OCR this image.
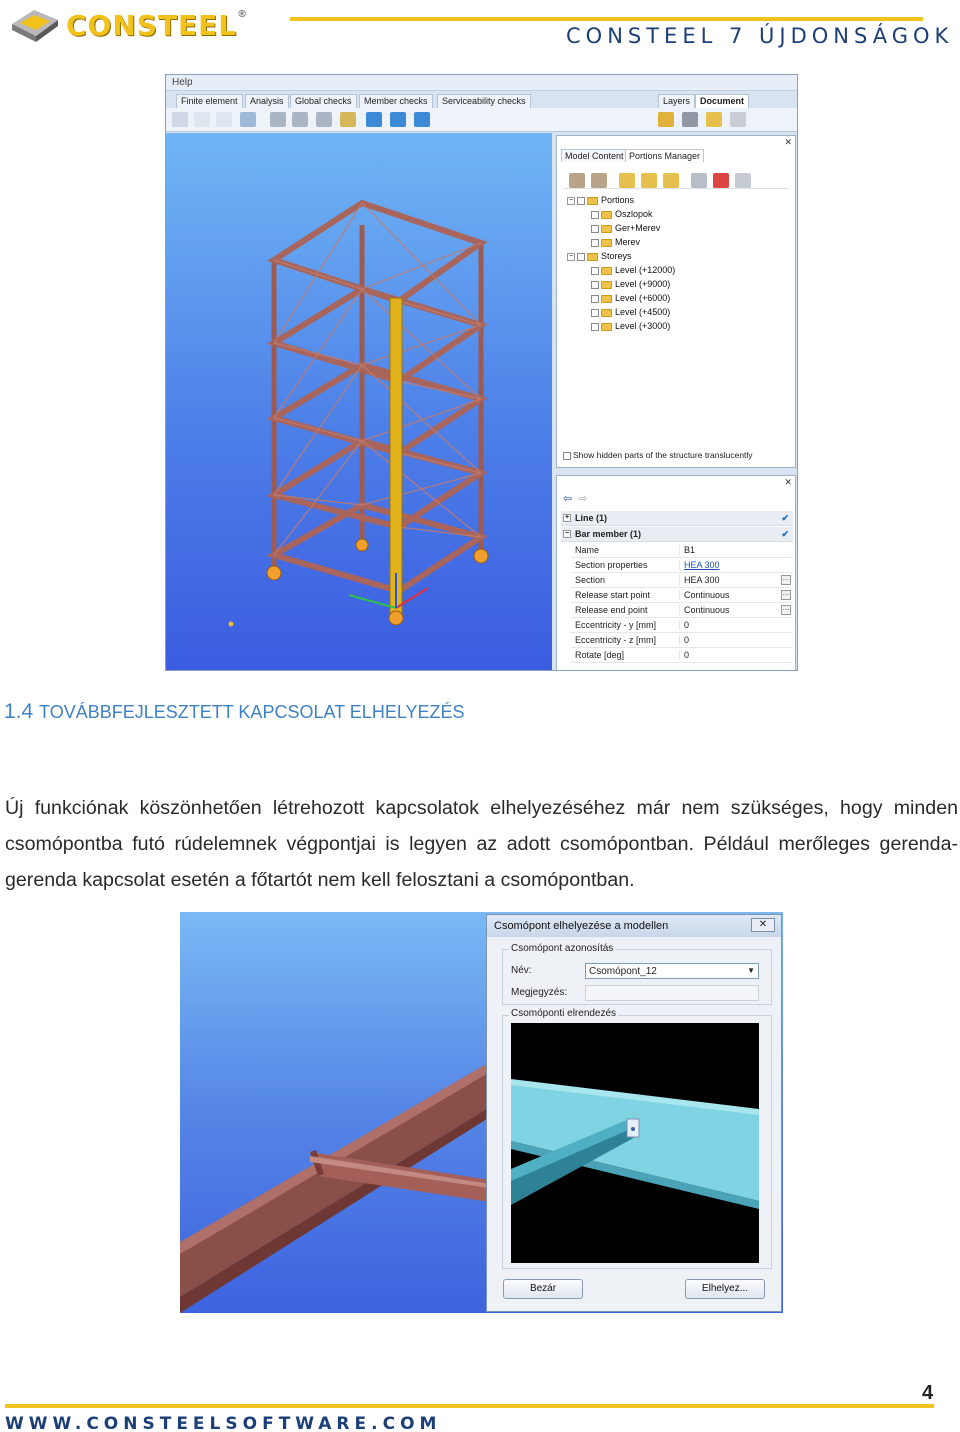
CONSTEEL®
CONSTEEL 7 ÚJDONSÁGOK
Help
Finite element	Analysis	Global checks	Member checks	Serviceability checks	Layers	Document
✕
Model Content Portions Manager
−	Portions
Oszlopok
Ger+Merev
Merev
−	Storeys
Level (+12000)
Level (+9000)
Level (+6000)
Level (+4500)
Level (+3000)
Show hidden parts of the structure translucently
✕
⇦ ⇨
+ Line (1)	✔
− Bar member (1)	✔
Name	B1
Section properties	HEA 300
Section	HEA 300	…
Release start point	Continuous	…
Release end point	Continuous	…
Eccentricity - y [mm]	0
Eccentricity - z [mm]	0
Rotate [deg]	0
1.4 TOVÁBBFEJLESZTETT KAPCSOLAT ELHELYEZÉS

Új funkciónak köszönhetően létrehozott kapcsolatok elhelyezéséhez már nem szükséges, hogy minden csomópontba futó rúdelemnek végpontjai is legyen az adott csomópontban. Például merőleges gerenda-gerenda kapcsolat esetén a főtartót nem kell felosztani a csomópontban.

Csomópont elhelyezése a modellen	✕
Csomópont azonosítás
Név:	Csomópont_12	▼
Megjegyzés:
Csomóponti elrendezés
Bezár	Elhelyez...
4
WWW.CONSTEELSOFTWARE.COM
